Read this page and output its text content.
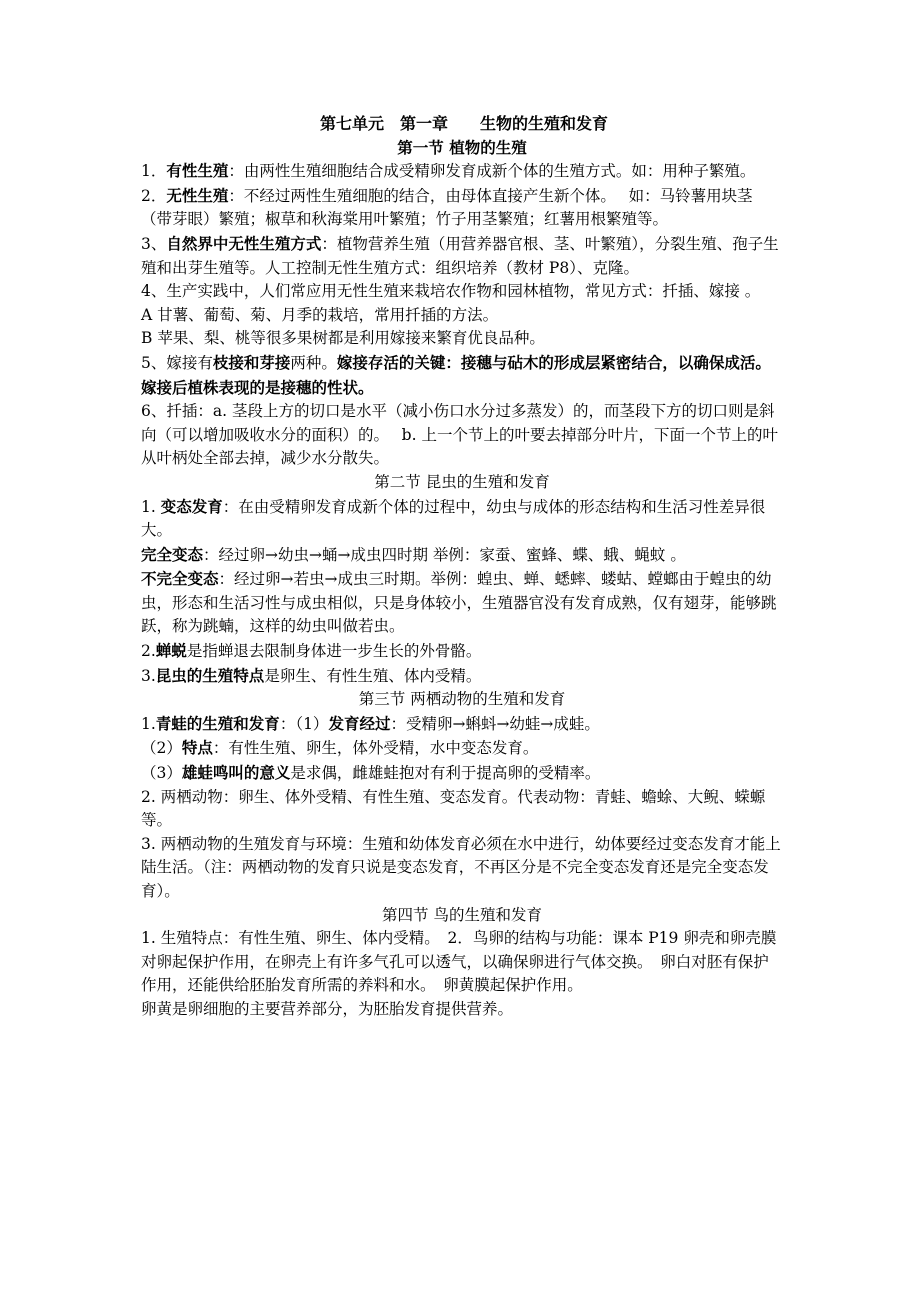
第七单元　第一章　　生物的生殖和发育
第一节 植物的生殖

1．有性生殖：由两性生殖细胞结合成受精卵发育成新个体的生殖方式。如：用种子繁殖。

2．无性生殖：不经过两性生殖细胞的结合，由母体直接产生新个体。　 如：马铃薯用块茎（带芽眼）繁殖；椒草和秋海棠用叶繁殖；竹子用茎繁殖；红薯用根繁殖等。

3、自然界中无性生殖方式：植物营养生殖（用营养器官根、茎、叶繁殖），分裂生殖、孢子生殖和出芽生殖等。人工控制无性生殖方式：组织培养（教材 P8）、克隆。

4、生产实践中，人们常应用无性生殖来栽培农作物和园林植物，常见方式：扦插、嫁接 。

A 甘薯、葡萄、菊、月季的栽培，常用扦插的方法。

B 苹果、梨、桃等很多果树都是利用嫁接来繁育优良品种。

5、嫁接有枝接和芽接两种。嫁接存活的关键：接穗与砧木的形成层紧密结合，以确保成活。

嫁接后植株表现的是接穗的性状。

6、扦插：a. 茎段上方的切口是水平（减小伤口水分过多蒸发）的，而茎段下方的切口则是斜向（可以增加吸收水分的面积）的。　 b. 上一个节上的叶要去掉部分叶片，下面一个节上的叶从叶柄处全部去掉，减少水分散失。

第二节 昆虫的生殖和发育

1. 变态发育：在由受精卵发育成新个体的过程中，幼虫与成体的形态结构和生活习性差异很大。

完全变态：经过卵→幼虫→蛹→成虫四时期 举例：家蚕、蜜蜂、蝶、蛾、蝇蚊 。

不完全变态：经过卵→若虫→成虫三时期。举例：蝗虫、蝉、蟋蟀、蝼蛄、螳螂由于蝗虫的幼虫，形态和生活习性与成虫相似，只是身体较小，生殖器官没有发育成熟，仅有翅芽，能够跳跃，称为跳蝻，这样的幼虫叫做若虫。

2.蝉蜕是指蝉退去限制身体进一步生长的外骨骼。

3.昆虫的生殖特点是卵生、有性生殖、体内受精。

第三节 两栖动物的生殖和发育

1.青蛙的生殖和发育：（1）发育经过：受精卵→蝌蚪→幼蛙→成蛙。

（2）特点：有性生殖、卵生，体外受精，水中变态发育。

（3）雄蛙鸣叫的意义是求偶，雌雄蛙抱对有利于提高卵的受精率。

2. 两栖动物：卵生、体外受精、有性生殖、变态发育。代表动物：青蛙、蟾蜍、大鲵、蝾螈等。

3. 两栖动物的生殖发育与环境：生殖和幼体发育必须在水中进行，幼体要经过变态发育才能上陆生活。（注：两栖动物的发育只说是变态发育，不再区分是不完全变态发育还是完全变态发育）。

第四节 鸟的生殖和发育

1. 生殖特点：有性生殖、卵生、体内受精。　2．鸟卵的结构与功能：课本 P19 卵壳和卵壳膜对卵起保护作用，在卵壳上有许多气孔可以透气，以确保卵进行气体交换。　卵白对胚有保护作用，还能供给胚胎发育所需的养料和水。　卵黄膜起保护作用。

卵黄是卵细胞的主要营养部分，为胚胎发育提供营养。
